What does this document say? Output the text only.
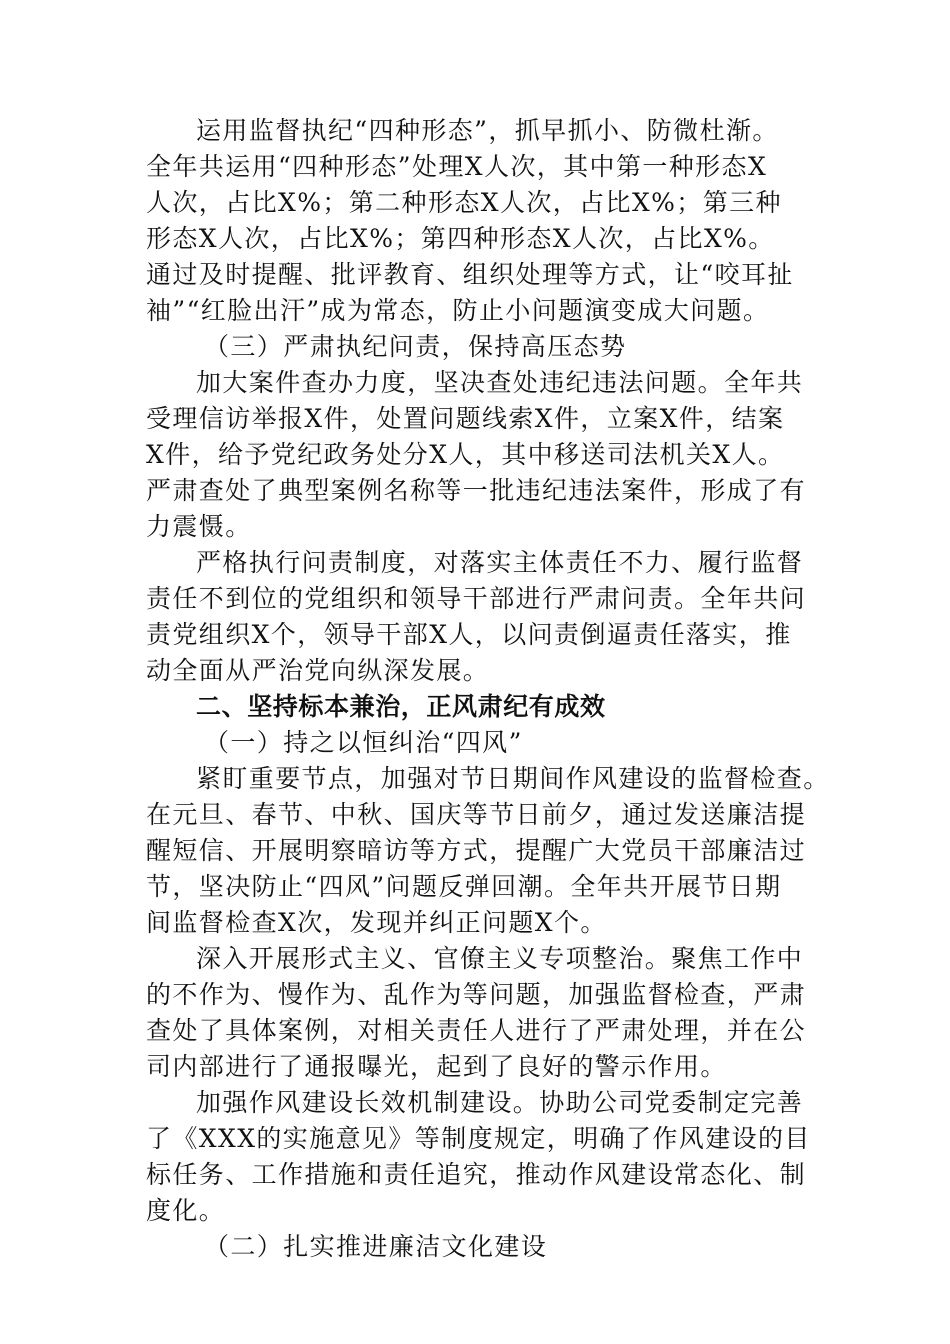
运用监督执纪“四种形态”，抓早抓小、防微杜渐。
全年共运用“四种形态”处理X人次，其中第一种形态X
人次，占比X%；第二种形态X人次，占比X%；第三种
形态X人次，占比X%；第四种形态X人次，占比X%。
通过及时提醒、批评教育、组织处理等方式，让“咬耳扯
袖”“红脸出汗”成为常态，防止小问题演变成大问题。
（三）严肃执纪问责，保持高压态势
加大案件查办力度，坚决查处违纪违法问题。全年共
受理信访举报X件，处置问题线索X件，立案X件，结案
X件，给予党纪政务处分X人，其中移送司法机关X人。
严肃查处了典型案例名称等一批违纪违法案件，形成了有
力震慑。
严格执行问责制度，对落实主体责任不力、履行监督
责任不到位的党组织和领导干部进行严肃问责。全年共问
责党组织X个，领导干部X人，以问责倒逼责任落实，推
动全面从严治党向纵深发展。
二、坚持标本兼治，正风肃纪有成效
（一）持之以恒纠治“四风”
紧盯重要节点，加强对节日期间作风建设的监督检查。
在元旦、春节、中秋、国庆等节日前夕，通过发送廉洁提
醒短信、开展明察暗访等方式，提醒广大党员干部廉洁过
节，坚决防止“四风”问题反弹回潮。全年共开展节日期
间监督检查X次，发现并纠正问题X个。
深入开展形式主义、官僚主义专项整治。聚焦工作中
的不作为、慢作为、乱作为等问题，加强监督检查，严肃
查处了具体案例，对相关责任人进行了严肃处理，并在公
司内部进行了通报曝光，起到了良好的警示作用。
加强作风建设长效机制建设。协助公司党委制定完善
了《XXX的实施意见》等制度规定，明确了作风建设的目
标任务、工作措施和责任追究，推动作风建设常态化、制
度化。
（二）扎实推进廉洁文化建设
